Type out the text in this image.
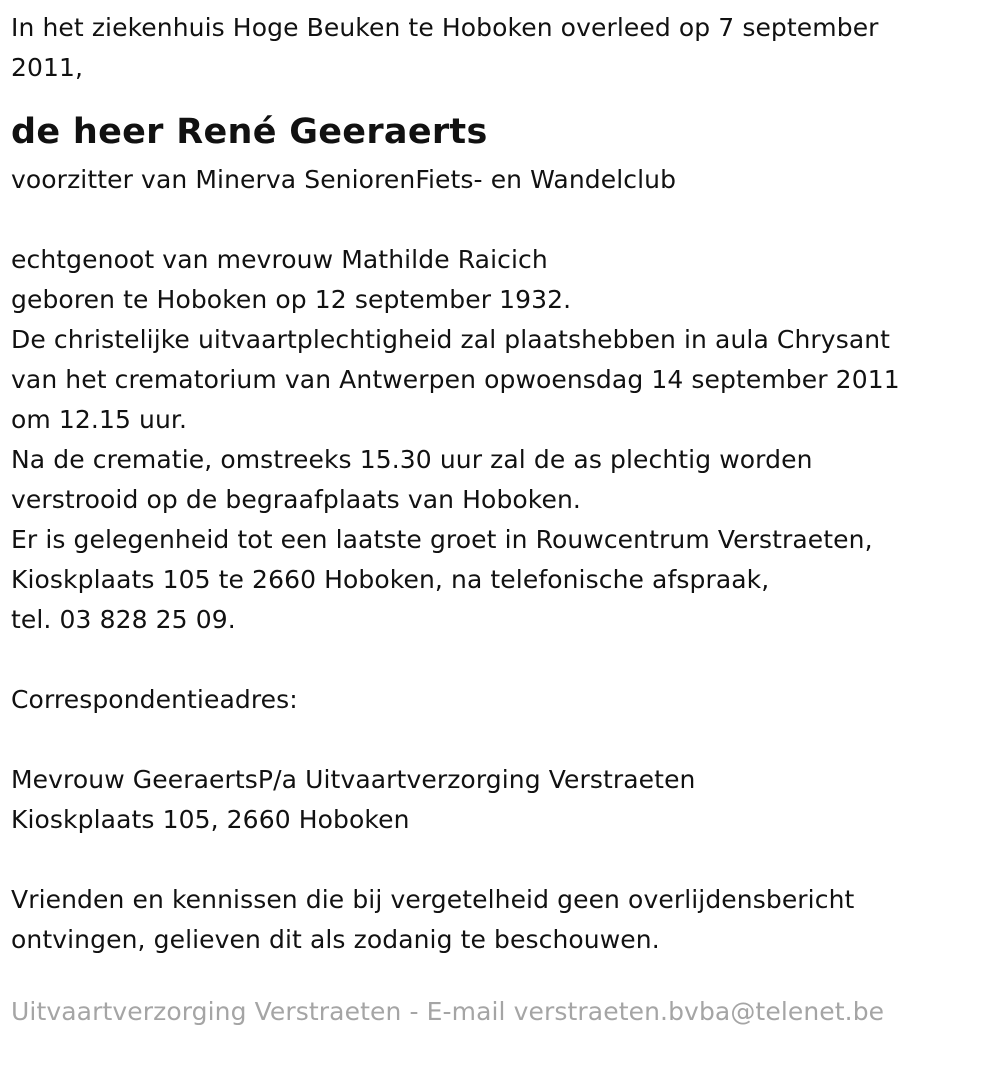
In het ziekenhuis Hoge Beuken te Hoboken overleed op 7 september
2011,
de heer René Geeraerts
voorzitter van Minerva SeniorenFiets- en Wandelclub
echtgenoot van mevrouw Mathilde Raicich
geboren te Hoboken op 12 september 1932.
De christelijke uitvaartplechtigheid zal plaatshebben in aula Chrysant
van het crematorium van Antwerpen opwoensdag 14 september 2011
om 12.15 uur.
Na de crematie, omstreeks 15.30 uur zal de as plechtig worden
verstrooid op de begraafplaats van Hoboken.
Er is gelegenheid tot een laatste groet in Rouwcentrum Verstraeten,
Kioskplaats 105 te 2660 Hoboken, na telefonische afspraak,
tel. 03 828 25 09.
Correspondentieadres:
Mevrouw GeeraertsP/a Uitvaartverzorging Verstraeten
Kioskplaats 105, 2660 Hoboken
Vrienden en kennissen die bij vergetelheid geen overlijdensbericht
ontvingen, gelieven dit als zodanig te beschouwen.
Uitvaartverzorging Verstraeten - E-mail verstraeten.bvba@telenet.be
